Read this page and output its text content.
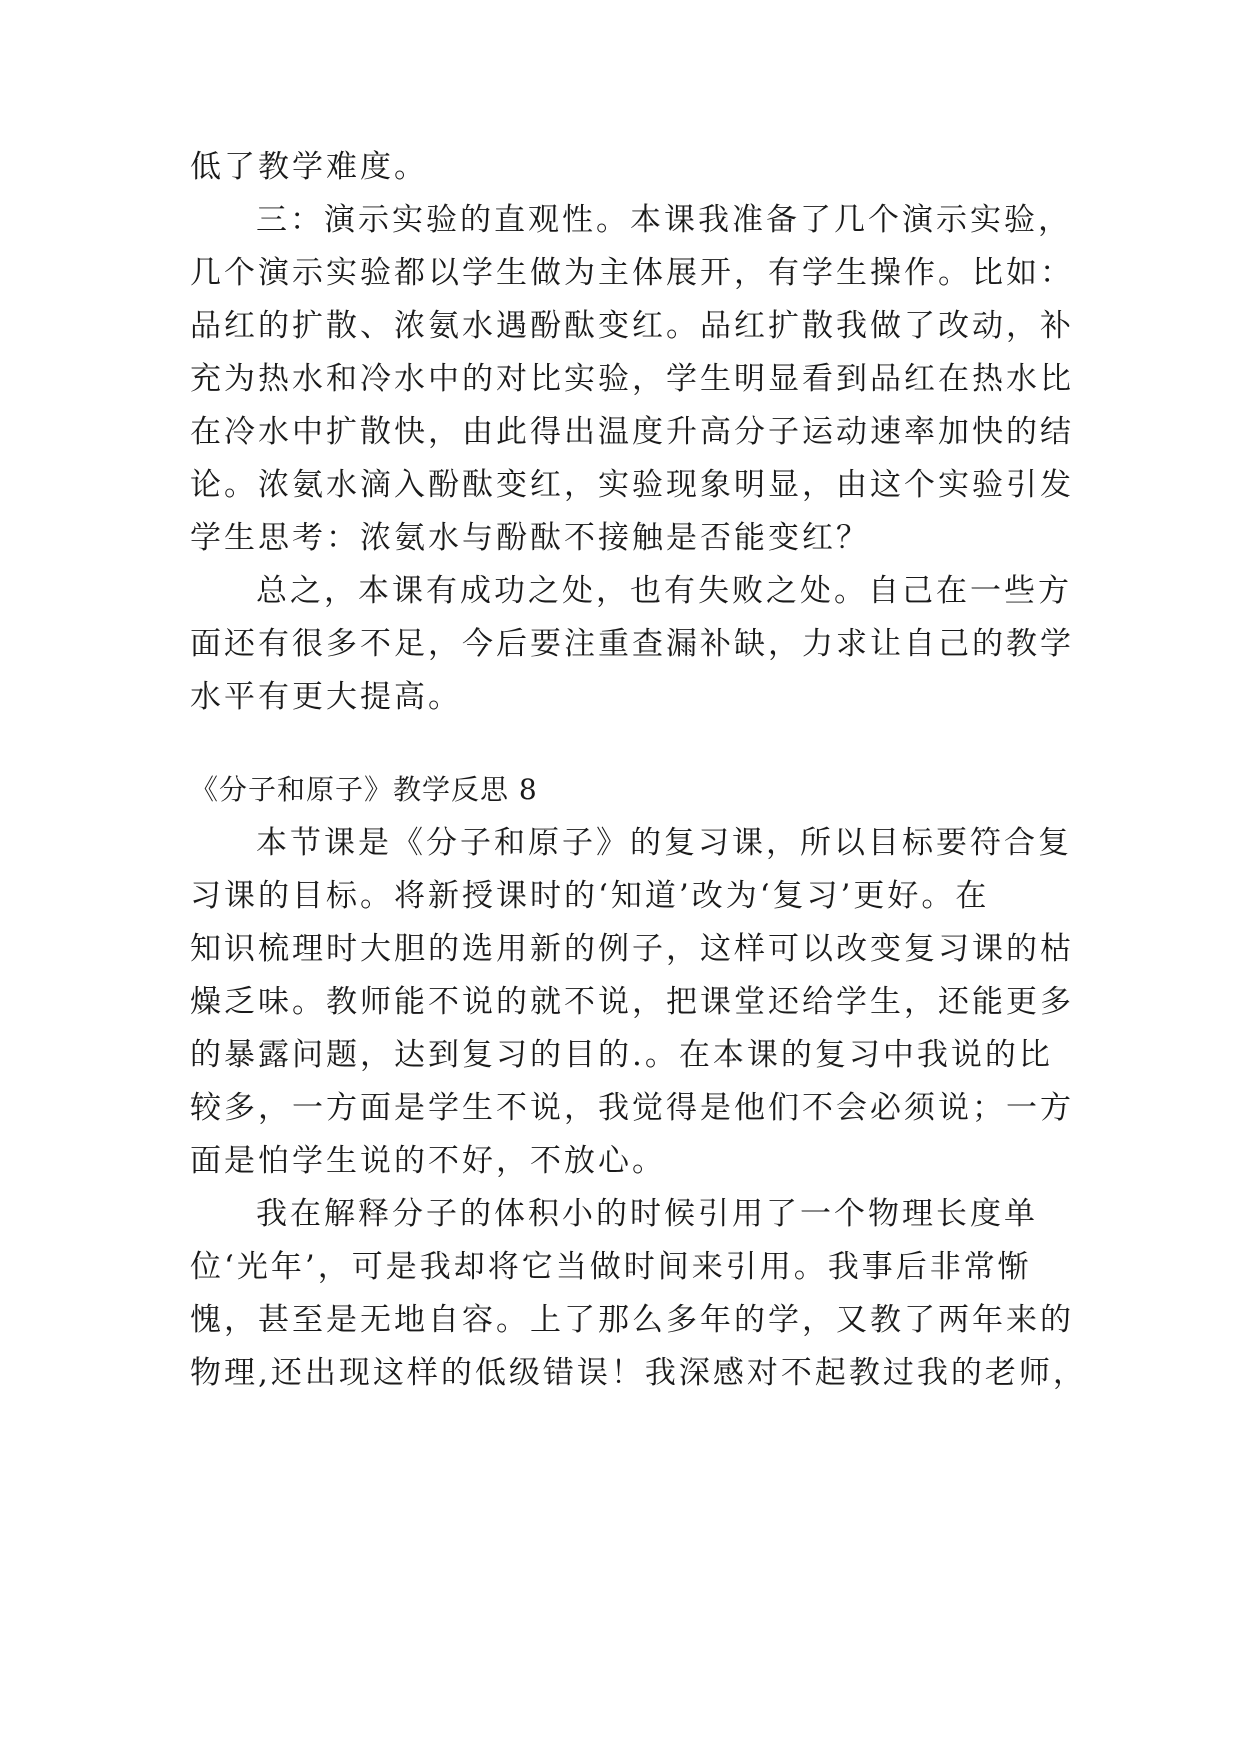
低了教学难度。
三：演示实验的直观性。本课我准备了几个演示实验，
几个演示实验都以学生做为主体展开，有学生操作。比如：
品红的扩散、浓氨水遇酚酞变红。品红扩散我做了改动，补
充为热水和冷水中的对比实验，学生明显看到品红在热水比
在冷水中扩散快，由此得出温度升高分子运动速率加快的结
论。浓氨水滴入酚酞变红，实验现象明显，由这个实验引发
学生思考：浓氨水与酚酞不接触是否能变红？
总之，本课有成功之处，也有失败之处。自己在一些方
面还有很多不足，今后要注重查漏补缺，力求让自己的教学
水平有更大提高。
《分子和原子》教学反思 8
本节课是《分子和原子》的复习课，所以目标要符合复
习课的目标。将新授课时的‘知道’改为‘复习’更好。在
知识梳理时大胆的选用新的例子，这样可以改变复习课的枯
燥乏味。教师能不说的就不说，把课堂还给学生，还能更多
的暴露问题，达到复习的目的.。在本课的复习中我说的比
较多，一方面是学生不说，我觉得是他们不会必须说；一方
面是怕学生说的不好，不放心。
我在解释分子的体积小的时候引用了一个物理长度单
位‘光年’，可是我却将它当做时间来引用。我事后非常惭
愧，甚至是无地自容。上了那么多年的学，又教了两年来的
物理,还出现这样的低级错误！我深感对不起教过我的老师，
